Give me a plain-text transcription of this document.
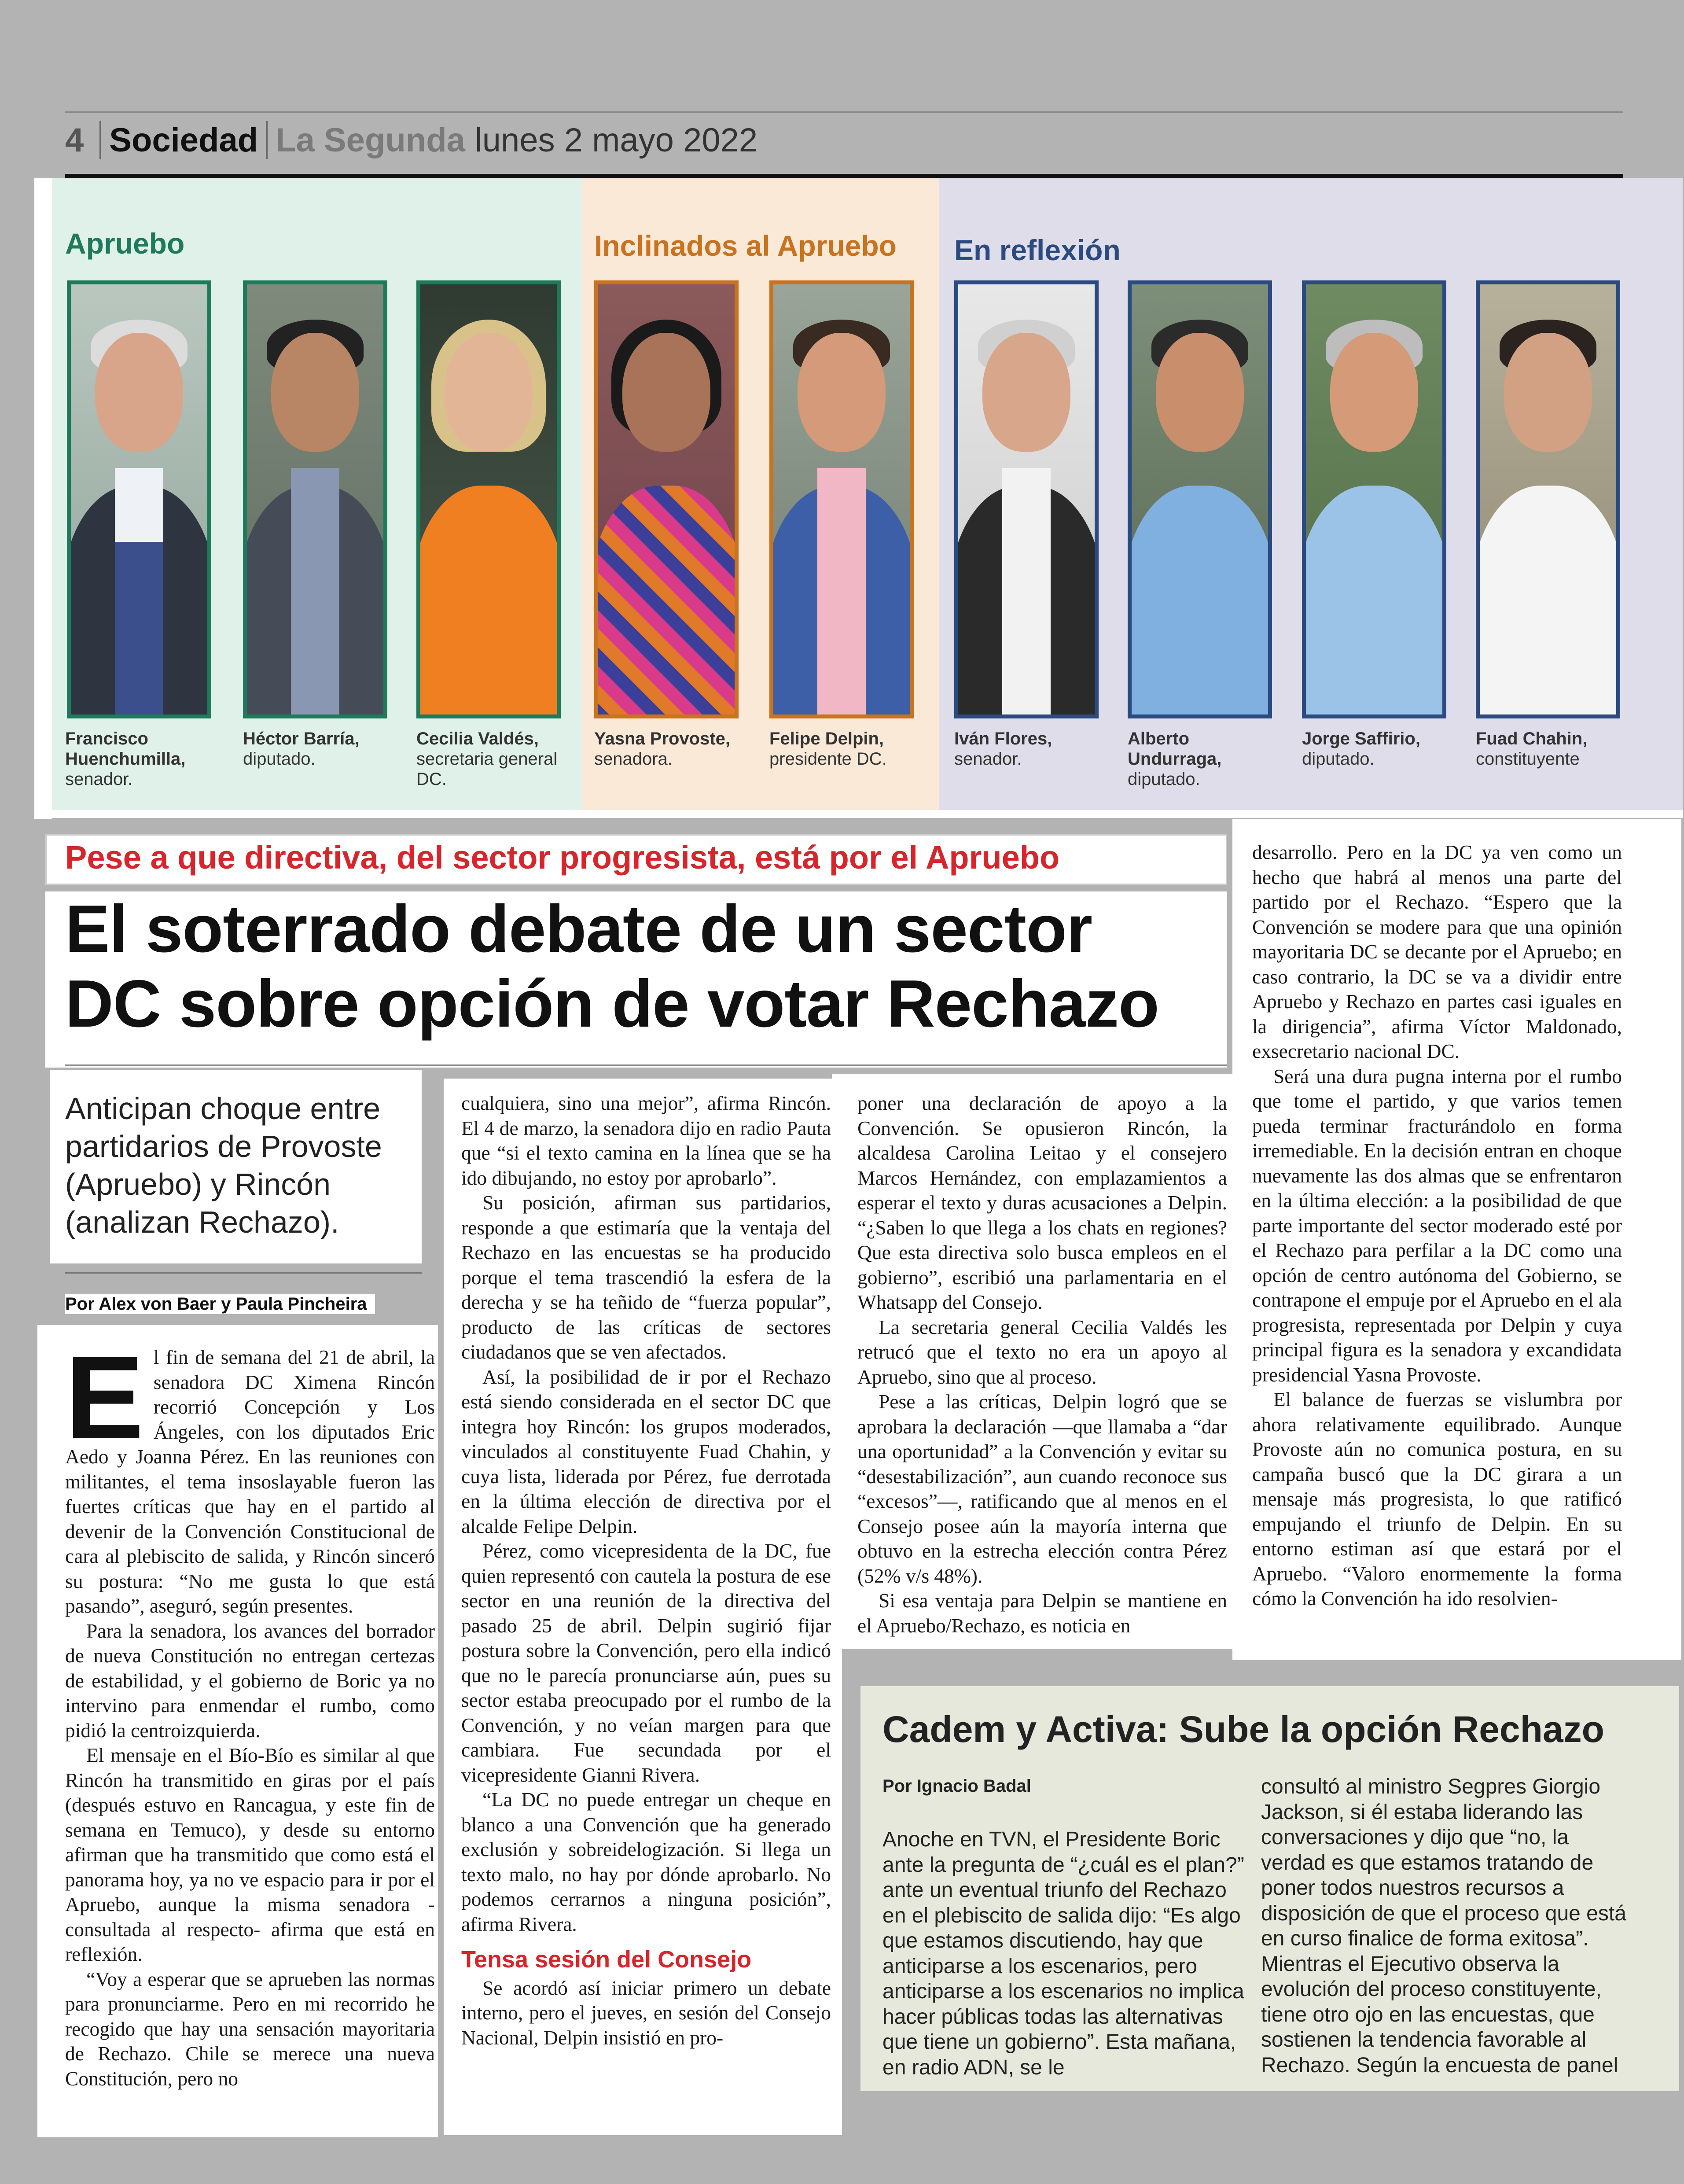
4 Sociedad La Segunda lunes 2 mayo 2022
Apruebo	Inclinados al Apruebo En reflexión
Francisco Huenchumilla,
senador.
Héctor Barría,
diputado.
Cecilia Valdés,
secretaria general DC.
Yasna Provoste,
senadora.
Felipe Delpin,
presidente DC.
Iván Flores,
senador.
Alberto Undurraga,
diputado.
Jorge Saffirio,
diputado.
Fuad Chahin,
constituyente
Pese a que directiva, del sector progresista, está por el Apruebo
El soterrado debate de un sector
DC sobre opción de votar Rechazo
Anticipan choque entre partidarios de Provoste (Apruebo) y Rincón (analizan Rechazo).
Por Alex von Baer y Paula Pincheira

El fin de semana del 21 de abril, la senadora DC Ximena Rincón recorrió Concepción y Los Ángeles, con los diputados Eric Aedo y Joanna Pérez. En las reuniones con militantes, el tema insoslayable fueron las fuertes críticas que hay en el partido al devenir de la Convención Constitucional de cara al plebiscito de salida, y Rincón sinceró su postura: “No me gusta lo que está pasando”, aseguró, según presentes.

Para la senadora, los avances del borrador de nueva Constitución no entregan certezas de estabilidad, y el gobierno de Boric ya no intervino para enmendar el rumbo, como pidió la centroizquierda.

El mensaje en el Bío-Bío es similar al que Rincón ha transmitido en giras por el país (después estuvo en Rancagua, y este fin de semana en Temuco), y desde su entorno afirman que ha transmitido que como está el panorama hoy, ya no ve espacio para ir por el Apruebo, aunque la misma senadora -consultada al respecto- afirma que está en reflexión.

“Voy a esperar que se aprueben las normas para pronunciarme. Pero en mi recorrido he recogido que hay una sensación mayoritaria de Rechazo. Chile se merece una nueva Constitución, pero no

cualquiera, sino una mejor”, afirma Rincón. El 4 de marzo, la senadora dijo en radio Pauta que “si el texto camina en la línea que se ha ido dibujando, no estoy por aprobarlo”.

Su posición, afirman sus partidarios, responde a que estimaría que la ventaja del Rechazo en las encuestas se ha producido porque el tema trascendió la esfera de la derecha y se ha teñido de “fuerza popular”, producto de las críticas de sectores ciudadanos que se ven afectados.

Así, la posibilidad de ir por el Rechazo está siendo considerada en el sector DC que integra hoy Rincón: los grupos moderados, vinculados al constituyente Fuad Chahin, y cuya lista, liderada por Pérez, fue derrotada en la última elección de directiva por el alcalde Felipe Delpin.

Pérez, como vicepresidenta de la DC, fue quien representó con cautela la postura de ese sector en una reunión de la directiva del pasado 25 de abril. Delpin sugirió fijar postura sobre la Convención, pero ella indicó que no le parecía pronunciarse aún, pues su sector estaba preocupado por el rumbo de la Convención, y no veían margen para que cambiara. Fue secundada por el vicepresidente Gianni Rivera.

“La DC no puede entregar un cheque en blanco a una Convención que ha generado exclusión y sobreidelogización. Si llega un texto malo, no hay por dónde aprobarlo. No podemos cerrarnos a ninguna posición”, afirma Rivera.

Tensa sesión del Consejo

Se acordó así iniciar primero un debate interno, pero el jueves, en sesión del Consejo Nacional, Delpin insistió en pro-

poner una declaración de apoyo a la Convención. Se opusieron Rincón, la alcaldesa Carolina Leitao y el consejero Marcos Hernández, con emplazamientos a esperar el texto y duras acusaciones a Delpin. “¿Saben lo que llega a los chats en regiones? Que esta directiva solo busca empleos en el gobierno”, escribió una parlamentaria en el Whatsapp del Consejo.

La secretaria general Cecilia Valdés les retrucó que el texto no era un apoyo al Apruebo, sino que al proceso.

Pese a las críticas, Delpin logró que se aprobara la declaración —que llamaba a “dar una oportunidad” a la Convención y evitar su “desestabilización”, aun cuando reconoce sus “excesos”—, ratificando que al menos en el Consejo posee aún la mayoría interna que obtuvo en la estrecha elección contra Pérez (52% v/s 48%).

Si esa ventaja para Delpin se mantiene en el Apruebo/Rechazo, es noticia en

desarrollo. Pero en la DC ya ven como un hecho que habrá al menos una parte del partido por el Rechazo. “Espero que la Convención se modere para que una opinión mayoritaria DC se decante por el Apruebo; en caso contrario, la DC se va a dividir entre Apruebo y Rechazo en partes casi iguales en la dirigencia”, afirma Víctor Maldonado, exsecretario nacional DC.

Será una dura pugna interna por el rumbo que tome el partido, y que varios temen pueda terminar fracturándolo en forma irremediable. En la decisión entran en choque nuevamente las dos almas que se enfrentaron en la última elección: a la posibilidad de que parte importante del sector moderado esté por el Rechazo para perfilar a la DC como una opción de centro autónoma del Gobierno, se contrapone el empuje por el Apruebo en el ala progresista, representada por Delpin y cuya principal figura es la senadora y excandidata presidencial Yasna Provoste.

El balance de fuerzas se vislumbra por ahora relativamente equilibrado. Aunque Provoste aún no comunica postura, en su campaña buscó que la DC girara a un mensaje más progresista, lo que ratificó empujando el triunfo de Delpin. En su entorno estiman así que estará por el Apruebo. “Valoro enormemente la forma cómo la Convención ha ido resolvien-

Cadem y Activa: Sube la opción Rechazo
Por Ignacio Badal
Anoche en TVN, el Presidente Boric ante la pregunta de “¿cuál es el plan?” ante un eventual triunfo del Rechazo en el plebiscito de salida dijo: “Es algo que estamos discutiendo, hay que anticiparse a los escenarios, pero anticiparse a los escenarios no implica hacer públicas todas las alternativas que tiene un gobierno”. Esta mañana, en radio ADN, se le
consultó al ministro Segpres Giorgio Jackson, si él estaba liderando las conversaciones y dijo que “no, la verdad es que estamos tratando de poner todos nuestros recursos a disposición de que el proceso que está en curso finalice de forma exitosa”. Mientras el Ejecutivo observa la evolución del proceso constituyente, tiene otro ojo en las encuestas, que sostienen la tendencia favorable al Rechazo. Según la encuesta de panel
